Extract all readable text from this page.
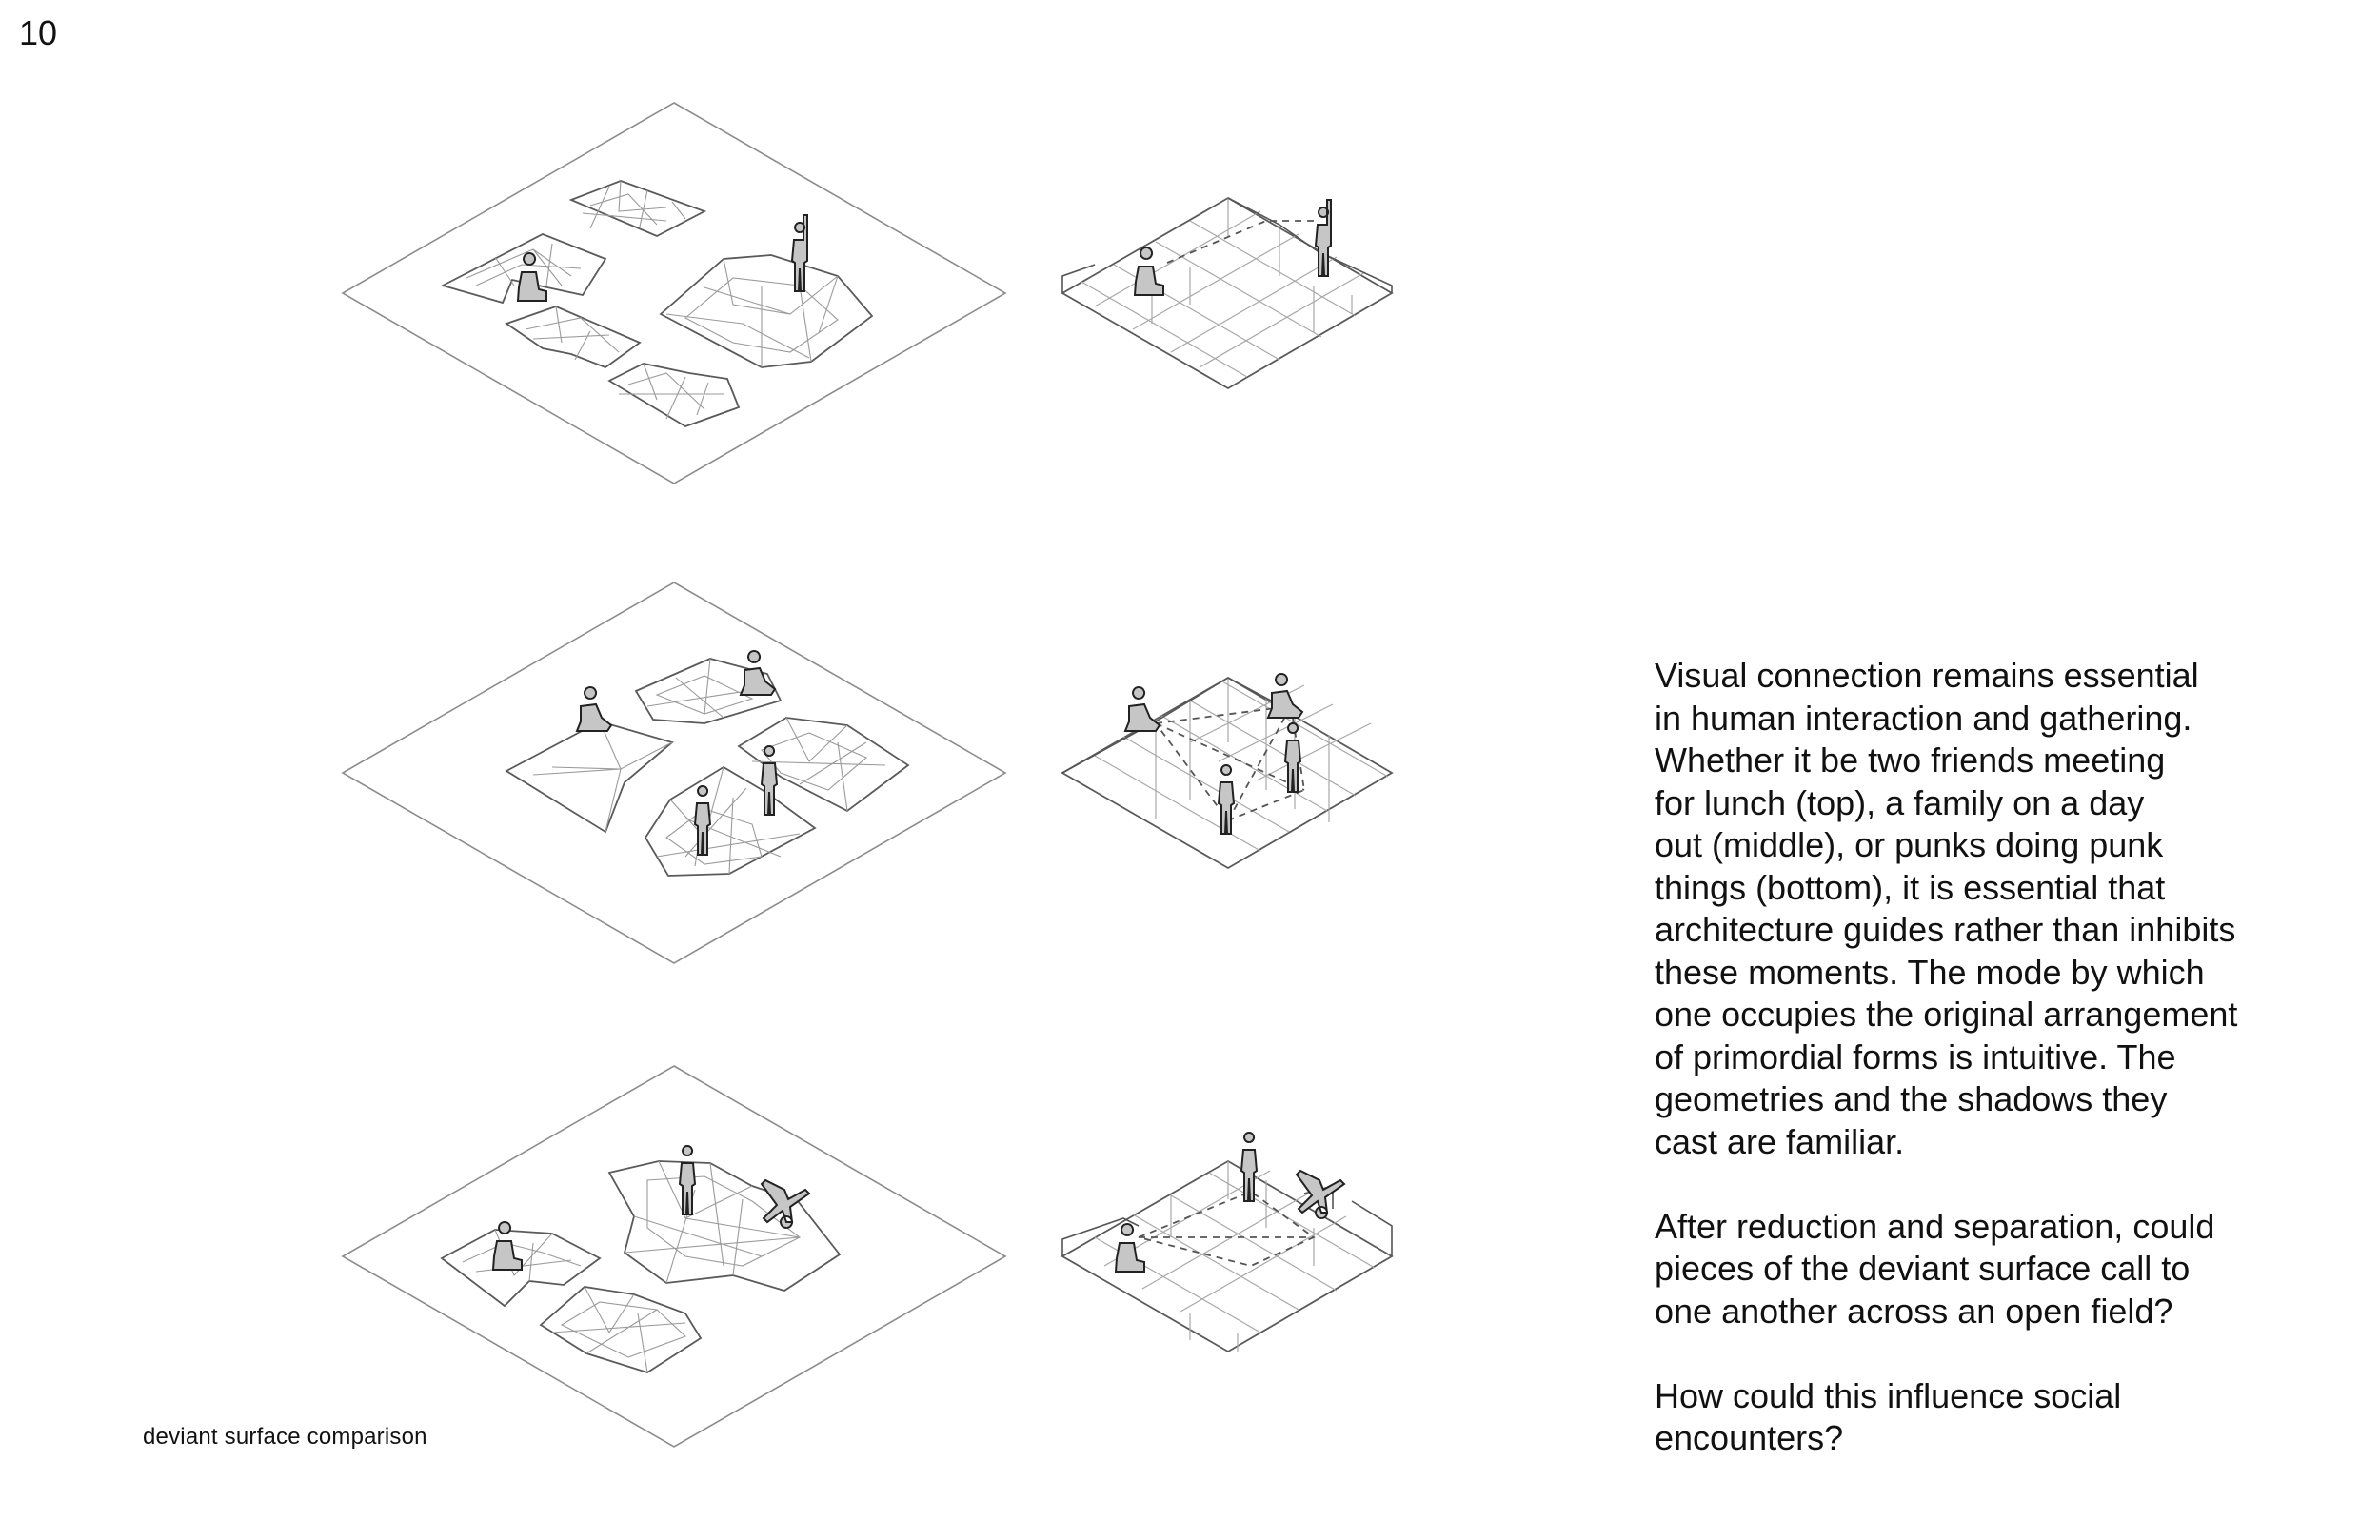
10
deviant surface comparison

Visual connection remains essential
in human interaction and gathering.
Whether it be two friends meeting
for lunch (top), a family on a day
out (middle), or punks doing punk
things (bottom), it is essential that
architecture guides rather than inhibits
these moments. The mode by which
one occupies the original arrangement
of primordial forms is intuitive. The
geometries and the shadows they
cast are familiar.

After reduction and separation, could
pieces of the deviant surface call to
one another across an open field?

How could this influence social
encounters?
